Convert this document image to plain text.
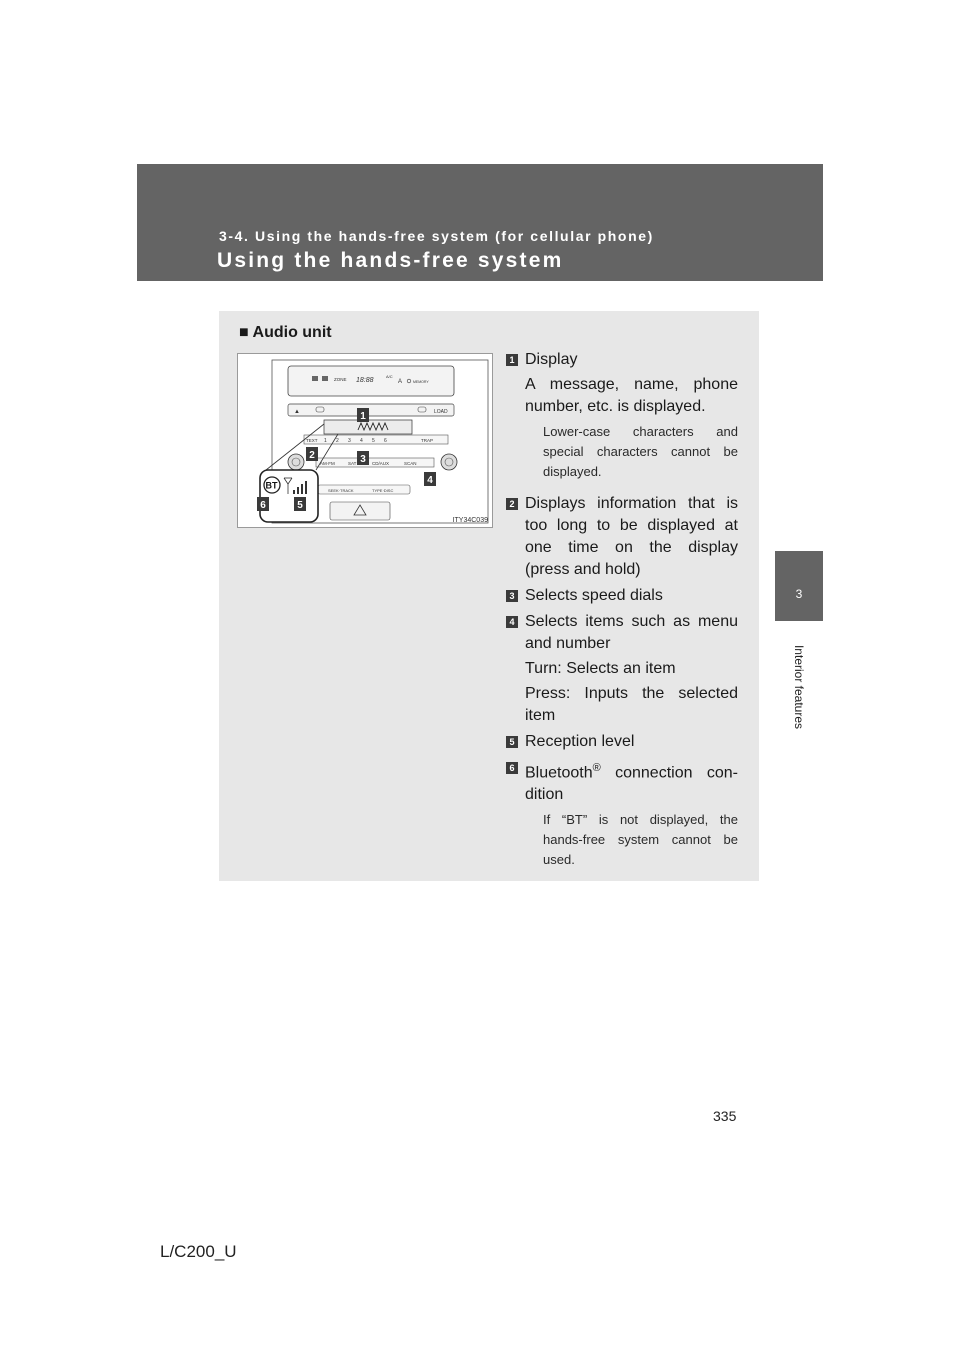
3-4. Using the hands-free system (for cellular phone)
Using the hands-free system
3
Interior features
■ Audio unit
ZONE 18:88
A/C
A	MEMORY
▲	LOAD
TEXT 1 2 3 4 5 6	TRAP
AM·FM	SAT	CD/AUX	SCAN
SEEK·TRACK	TYPE·DISC
BT
1
2	3
4
5
6
ITY34C039
1 Display
A message, name, phone number, etc. is displayed.
Lower-case characters and special characters cannot be displayed.
2 Displays information that is too long to be displayed at one time on the display (press and hold)
3 Selects speed dials
4 Selects items such as menu and number
Turn: Selects an item
Press: Inputs the selected item
5 Reception level
6 Bluetooth® connection con-dition
If “BT” is not displayed, the hands-free system cannot be used.
335
L/C200_U
